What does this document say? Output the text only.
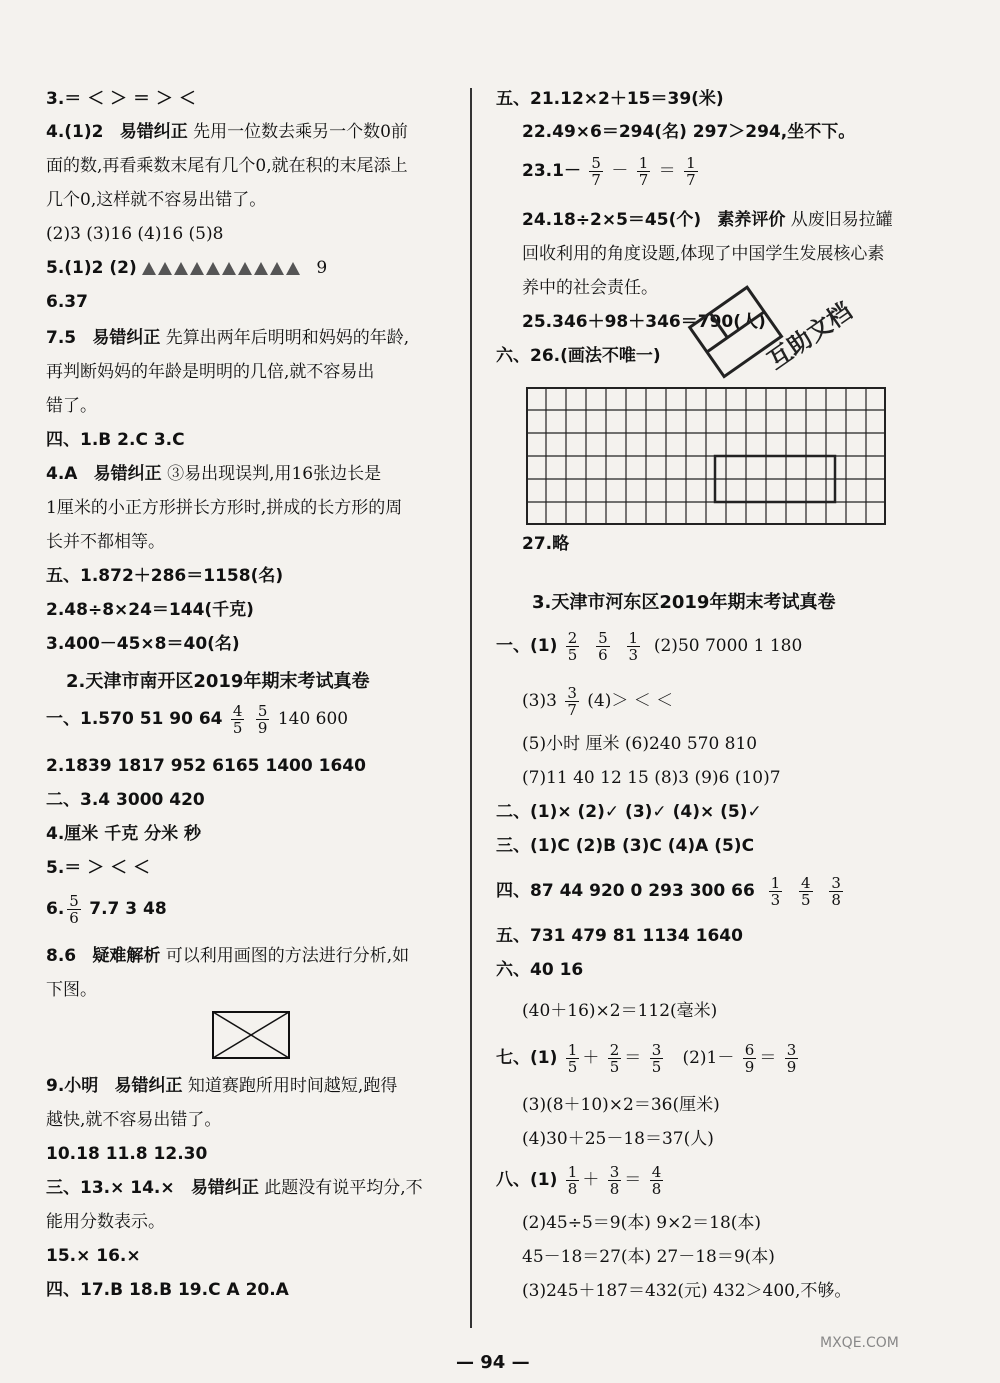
3.＝ ＜ ＞ ＝ ＞ ＜
4.(1)2 易错纠正 先用一位数去乘另一个数0前
面的数,再看乘数末尾有几个0,就在积的末尾添上
几个0,这样就不容易出错了。
(2)3 (3)16 (4)16 (5)8
5.(1)2 (2)	9
6.37
7.5 易错纠正 先算出两年后明明和妈妈的年龄,
再判断妈妈的年龄是明明的几倍,就不容易出
错了。
四、1.B 2.C 3.C
4.A 易错纠正 ③易出现误判,用16张边长是
1厘米的小正方形拼长方形时,拼成的长方形的周
长并不都相等。
五、1.872＋286＝1158(名)
2.48÷8×24＝144(千克)
3.400－45×8＝40(名)
2.天津市南开区2019年期末考试真卷
一、1.570 51 90 $64 \frac{4}{5}$
$\frac{5}{9} 140$ 600
2.1839 1817 952 6165 1400 1640
二、3.4 3000 420
4.厘米 千克 分米 秒
5.＝ ＞ ＜ ＜
6. $\frac{5}{6} 7.7$ 3 48
8.6 疑难解析 可以利用画图的方法进行分析,如
下图。
9.小明 易错纠正 知道赛跑所用时间越短,跑得
越快,就不容易出错了。
10.18 11.8 12.30
三、13.× 14.× 易错纠正 此题没有说平均分,不
能用分数表示。
15.× 16.×
四、17.B 18.B 19.C A 20.A
五、21.12×2＋15＝39(米)
22.49×6＝294(名) 297＞294,坐不下。
$23.1- \frac{5}{7} - \frac{1}{7} = \frac{1}{7}$
24.18÷2×5＝45(个) 素养评价 从废旧易拉罐
回收利用的角度设题,体现了中国学生发展核心素
养中的社会责任。
25.346＋98＋346＝790(人)
六、26.(画法不唯一)
27.略
3.天津市河东区2019年期末考试真卷
一、$(1) \frac{2}{5}$
$\frac{5}{6}$
$\frac{1}{3} (2)50$ 7000 1 180
$(3)3 \frac{3}{7} (4)>$ ＜ ＜
(5)小时 厘米 (6)240 570 810
(7)11 40 12 15 (8)3 (9)6 (10)7
二、(1)× (2)✓ (3)✓ (4)× (5)✓
三、(1)C (2)B (3)C (4)A (5)C
四、87 44 920 0 293 300 $66 \frac{1}{3}$
$\frac{4}{5}$
$\frac{3}{8}$
五、731 479 81 1134 1640
六、40 16
(40＋16)×2＝112(毫米)
七、$(1) \frac{1}{5} + \frac{2}{5} = \frac{3}{5} (2)1- \frac{6}{9} = \frac{3}{9}$
(3)(8＋10)×2＝36(厘米)
(4)30＋25－18＝37(人)
八、$(1) \frac{1}{8} + \frac{3}{8} = \frac{4}{8}$
(2)45÷5＝9(本) 9×2＝18(本)
45－18＝27(本) 27－18＝9(本)
(3)245＋187＝432(元) 432＞400,不够。
互助文档
— 94 —
MXQE.COM
